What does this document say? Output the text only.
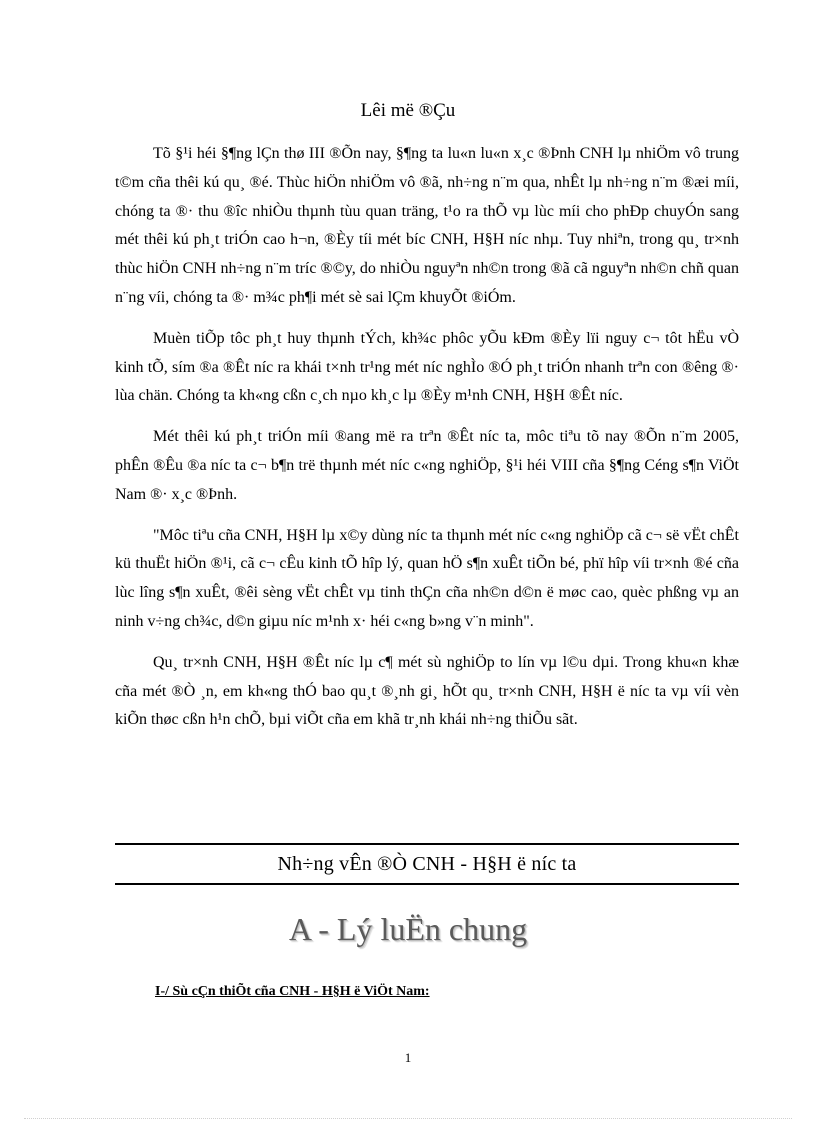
Lêi më ®Çu

Tõ §¹i héi §¶ng lÇn thø III ®Õn nay, §¶ng ta lu«n lu«n x¸c ®Þnh CNH lµ nhiÖm vô trung t©m cña thêi kú qu¸ ®é. Thùc hiÖn nhiÖm vô ®ã, nh÷ng n¨m qua, nhÊt lµ nh÷ng n¨m ®æi míi, chóng ta ®· thu ®îc nhiÒu thµnh tùu quan träng, t¹o ra thÕ vµ lùc míi cho phÐp chuyÓn sang mét thêi kú ph¸t triÓn cao h¬n, ®Èy tíi mét bíc CNH, H§H níc nhµ. Tuy nhiªn, trong qu¸ tr×nh thùc hiÖn CNH nh÷ng n¨m tríc ®©y, do nhiÒu nguyªn nh©n trong ®ã cã nguyªn nh©n chñ quan n¨ng víi, chóng ta ®· m¾c ph¶i mét sè sai lÇm khuyÕt ®iÓm.

Muèn tiÕp tôc ph¸t huy thµnh tÝch, kh¾c phôc yÕu kÐm ®Èy lïi nguy c¬ tôt hËu vÒ kinh tÕ, sím ®a ®Êt níc ra khái t×nh tr¹ng mét níc nghÌo ®Ó ph¸t triÓn nhanh trªn con ®êng ®· lùa chän. Chóng ta kh«ng cßn c¸ch nµo kh¸c lµ ®Èy m¹nh CNH, H§H ®Êt níc.

Mét thêi kú ph¸t triÓn míi ®ang më ra trªn ®Êt níc ta, môc tiªu tõ nay ®Õn n¨m 2005, phÊn ®Êu ®a níc ta c¬ b¶n trë thµnh mét níc c«ng nghiÖp, §¹i héi VIII cña §¶ng Céng s¶n ViÖt Nam ®· x¸c ®Þnh.

"Môc tiªu cña CNH, H§H lµ x©y dùng níc ta thµnh mét níc c«ng nghiÖp cã c¬ së vËt chÊt kü thuËt hiÖn ®¹i, cã c¬ cÊu kinh tÕ hîp lý, quan hÖ s¶n xuÊt tiÕn bé, phï hîp víi tr×nh ®é cña lùc lîng s¶n xuÊt, ®êi sèng vËt chÊt vµ tinh thÇn cña nh©n d©n ë møc cao, quèc phßng vµ an ninh v÷ng ch¾c, d©n giµu níc m¹nh x· héi c«ng b»ng v¨n minh".

Qu¸ tr×nh CNH, H§H ®Êt níc lµ c¶ mét sù nghiÖp to lín vµ l©u dµi. Trong khu«n khæ cña mét ®Ò ¸n, em kh«ng thÓ bao qu¸t ®¸nh gi¸ hÕt qu¸ tr×nh CNH, H§H ë níc ta vµ víi vèn kiÕn thøc cßn h¹n chÕ, bµi viÕt cña em khã tr¸nh khái nh÷ng thiÕu sãt.

Nh÷ng vÊn ®Ò CNH - H§H ë níc ta
A - Lý luËn chung
I-/ Sù cÇn thiÕt cña CNH - H§H ë ViÖt Nam:
1
